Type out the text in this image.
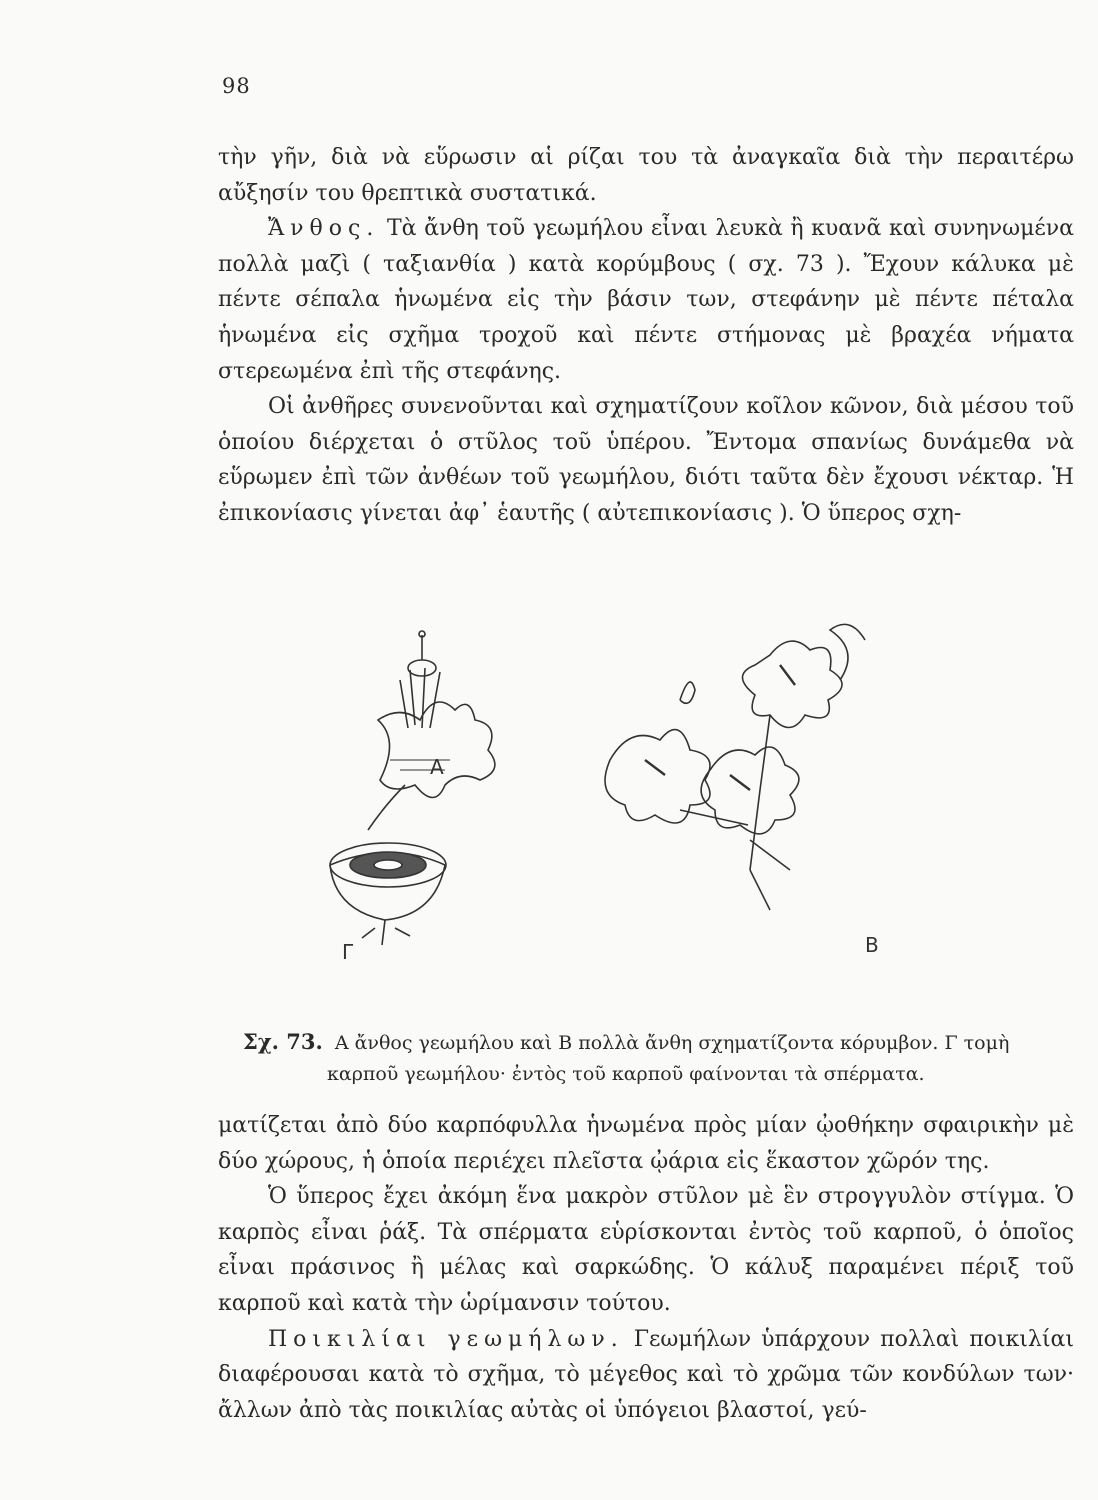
98

τὴν γῆν, διὰ νὰ εὕρωσιν αἱ ρίζαι του τὰ ἀναγκαῖα διὰ τὴν περαιτέρω αὔξησίν του θρεπτικὰ συστατικά.

Ἄνθος. Τὰ ἄνθη τοῦ γεωμήλου εἶναι λευκὰ ἢ κυανᾶ καὶ συνηνωμένα πολλὰ μαζὶ ( ταξιανθία ) κατὰ κορύμβους ( σχ. 73 ). Ἔχουν κάλυκα μὲ πέντε σέπαλα ἡνωμένα εἰς τὴν βάσιν των, στεφάνην μὲ πέντε πέταλα ἡνωμένα εἰς σχῆμα τροχοῦ καὶ πέντε στήμονας μὲ βραχέα νήματα στερεωμένα ἐπὶ τῆς στεφάνης.

Οἱ ἀνθῆρες συνενοῦνται καὶ σχηματίζουν κοῖλον κῶνον, διὰ μέσου τοῦ ὁποίου διέρχεται ὁ στῦλος τοῦ ὑπέρου. Ἔντομα σπανίως δυνάμεθα νὰ εὕρωμεν ἐπὶ τῶν ἀνθέων τοῦ γεωμήλου, διότι ταῦτα δὲν ἔχουσι νέκταρ. Ἡ ἐπικονίασις γίνεται ἀφ᾽ ἑαυτῆς ( αὐτεπικονίασις ). Ὁ ὕπερος σχη-

Α
Β
Γ
Σχ. 73. Α ἄνθος γεωμήλου καὶ Β πολλὰ ἄνθη σχηματίζοντα κόρυμβον. Γ τομὴ
καρποῦ γεωμήλου· ἐντὸς τοῦ καρποῦ φαίνονται τὰ σπέρματα.

ματίζεται ἀπὸ δύο καρπόφυλλα ἡνωμένα πρὸς μίαν ᾠοθήκην σφαιρικὴν μὲ δύο χώρους, ἡ ὁποία περιέχει πλεῖστα ᾠάρια εἰς ἕκαστον χῶρόν της.

Ὁ ὕπερος ἔχει ἀκόμη ἕνα μακρὸν στῦλον μὲ ἓν στρογγυλὸν στίγμα. Ὁ καρπὸς εἶναι ῥάξ. Τὰ σπέρματα εὑρίσκονται ἐντὸς τοῦ καρποῦ, ὁ ὁποῖος εἶναι πράσινος ἢ μέλας καὶ σαρκώδης. Ὁ κάλυξ παραμένει πέριξ τοῦ καρποῦ καὶ κατὰ τὴν ὡρίμανσιν τούτου.

Ποικιλίαι γεωμήλων. Γεωμήλων ὑπάρχουν πολλαὶ ποικιλίαι διαφέρουσαι κατὰ τὸ σχῆμα, τὸ μέγεθος καὶ τὸ χρῶμα τῶν κονδύλων των· ἄλλων ἀπὸ τὰς ποικιλίας αὐτὰς οἱ ὑπόγειοι βλαστοί, γεύ-
